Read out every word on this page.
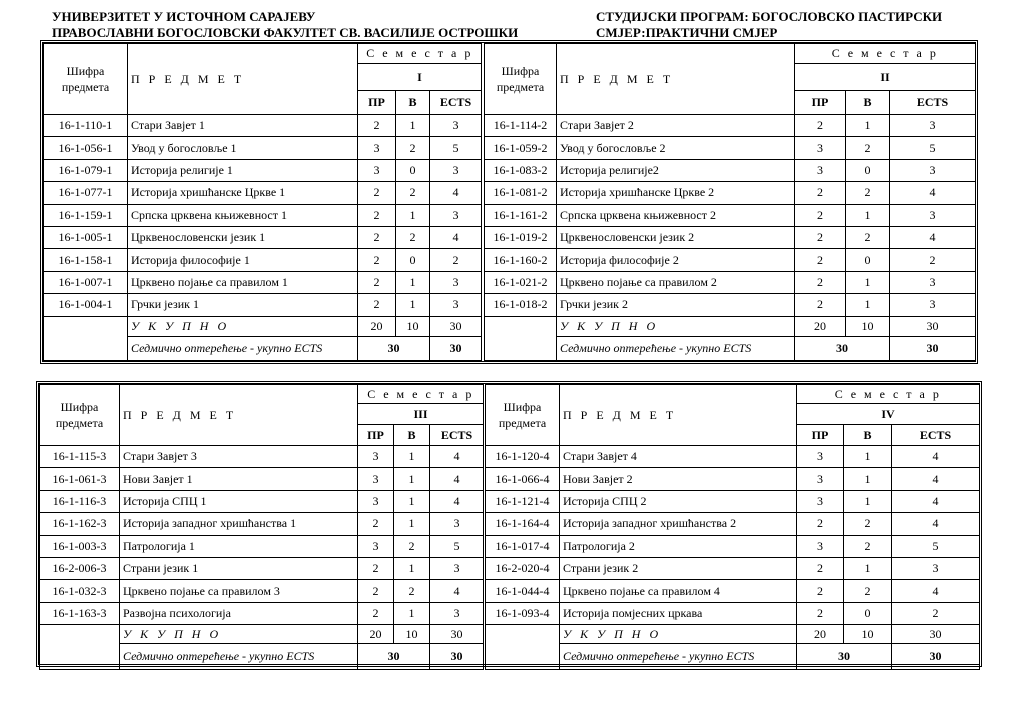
УНИВЕРЗИТЕТ У ИСТОЧНОМ САРАЈЕВУ
ПРАВОСЛАВНИ БОГОСЛОВСКИ ФАКУЛТЕТ СВ. ВАСИЛИЈЕ ОСТРОШКИ
СТУДИЈСКИ ПРОГРАМ: БОГОСЛОВСКО ПАСТИРСКИ
СМЈЕР:ПРАКТИЧНИ СМЈЕР
Шифра
предмета	П Р Е Д М Е Т	С е м е с т а р		
		I		
		ПР	В	ECTS
16-1-110-1	Стари Завјет 1	2	1	3
16-1-056-1	Увод у богословље 1	3	2	5
16-1-079-1	Историја религије 1	3	0	3
16-1-077-1	Историја хришћанске Цркве 1	2	2	4
16-1-159-1	Српска црквена књижевност 1	2	1	3
16-1-005-1	Црквенословенски језик 1	2	2	4
16-1-158-1	Историја философије 1	2	0	2
16-1-007-1	Црквено појање са правилом 1	2	1	3
16-1-004-1	Грчки језик 1	2	1	3
	У К У П Н О	20	10	30
	Седмично оптерећење - укупно ECTS	30		30
Шифра
предмета	П Р Е Д М Е Т	С е м е с т а р		
		II		
		ПР	В	ECTS
16-1-114-2	Стари Завјет 2	2	1	3
16-1-059-2	Увод у богословље 2	3	2	5
16-1-083-2	Историја религије2	3	0	3
16-1-081-2	Историја хришћанске Цркве 2	2	2	4
16-1-161-2	Српска црквена књижевност 2	2	1	3
16-1-019-2	Црквенословенски језик 2	2	2	4
16-1-160-2	Историја философије 2	2	0	2
16-1-021-2	Црквено појање са правилом 2	2	1	3
16-1-018-2	Грчки језик 2	2	1	3
	У К У П Н О	20	10	30
	Седмично оптерећење - укупно ECTS	30		30
Шифра
предмета	П Р Е Д М Е Т	С е м е с т а р		
		III		
		ПР	В	ECTS
16-1-115-3	Стари Завјет 3	3	1	4
16-1-061-3	Нови Завјет 1	3	1	4
16-1-116-3	Историја СПЦ 1	3	1	4
16-1-162-3	Историја западног хришћанства 1	2	1	3
16-1-003-3	Патрологија 1	3	2	5
16-2-006-3	Страни језик 1	2	1	3
16-1-032-3	Црквено појање са правилом 3	2	2	4
16-1-163-3	Развојна психологија	2	1	3
	У К У П Н О	20	10	30
	Седмично оптерећење - укупно ECTS	30		30
Шифра
предмета	П Р Е Д М Е Т	С е м е с т а р		
		IV		
		ПР	В	ECTS
16-1-120-4	Стари Завјет 4	3	1	4
16-1-066-4	Нови Завјет 2	3	1	4
16-1-121-4	Историја СПЦ 2	3	1	4
16-1-164-4	Историја западног хришћанства 2	2	2	4
16-1-017-4	Патрологија 2	3	2	5
16-2-020-4	Страни језик 2	2	1	3
16-1-044-4	Црквено појање са правилом 4	2	2	4
16-1-093-4	Историја помјесних цркава	2	0	2
	У К У П Н О	20	10	30
	Седмично оптерећење - укупно ECTS	30		30
